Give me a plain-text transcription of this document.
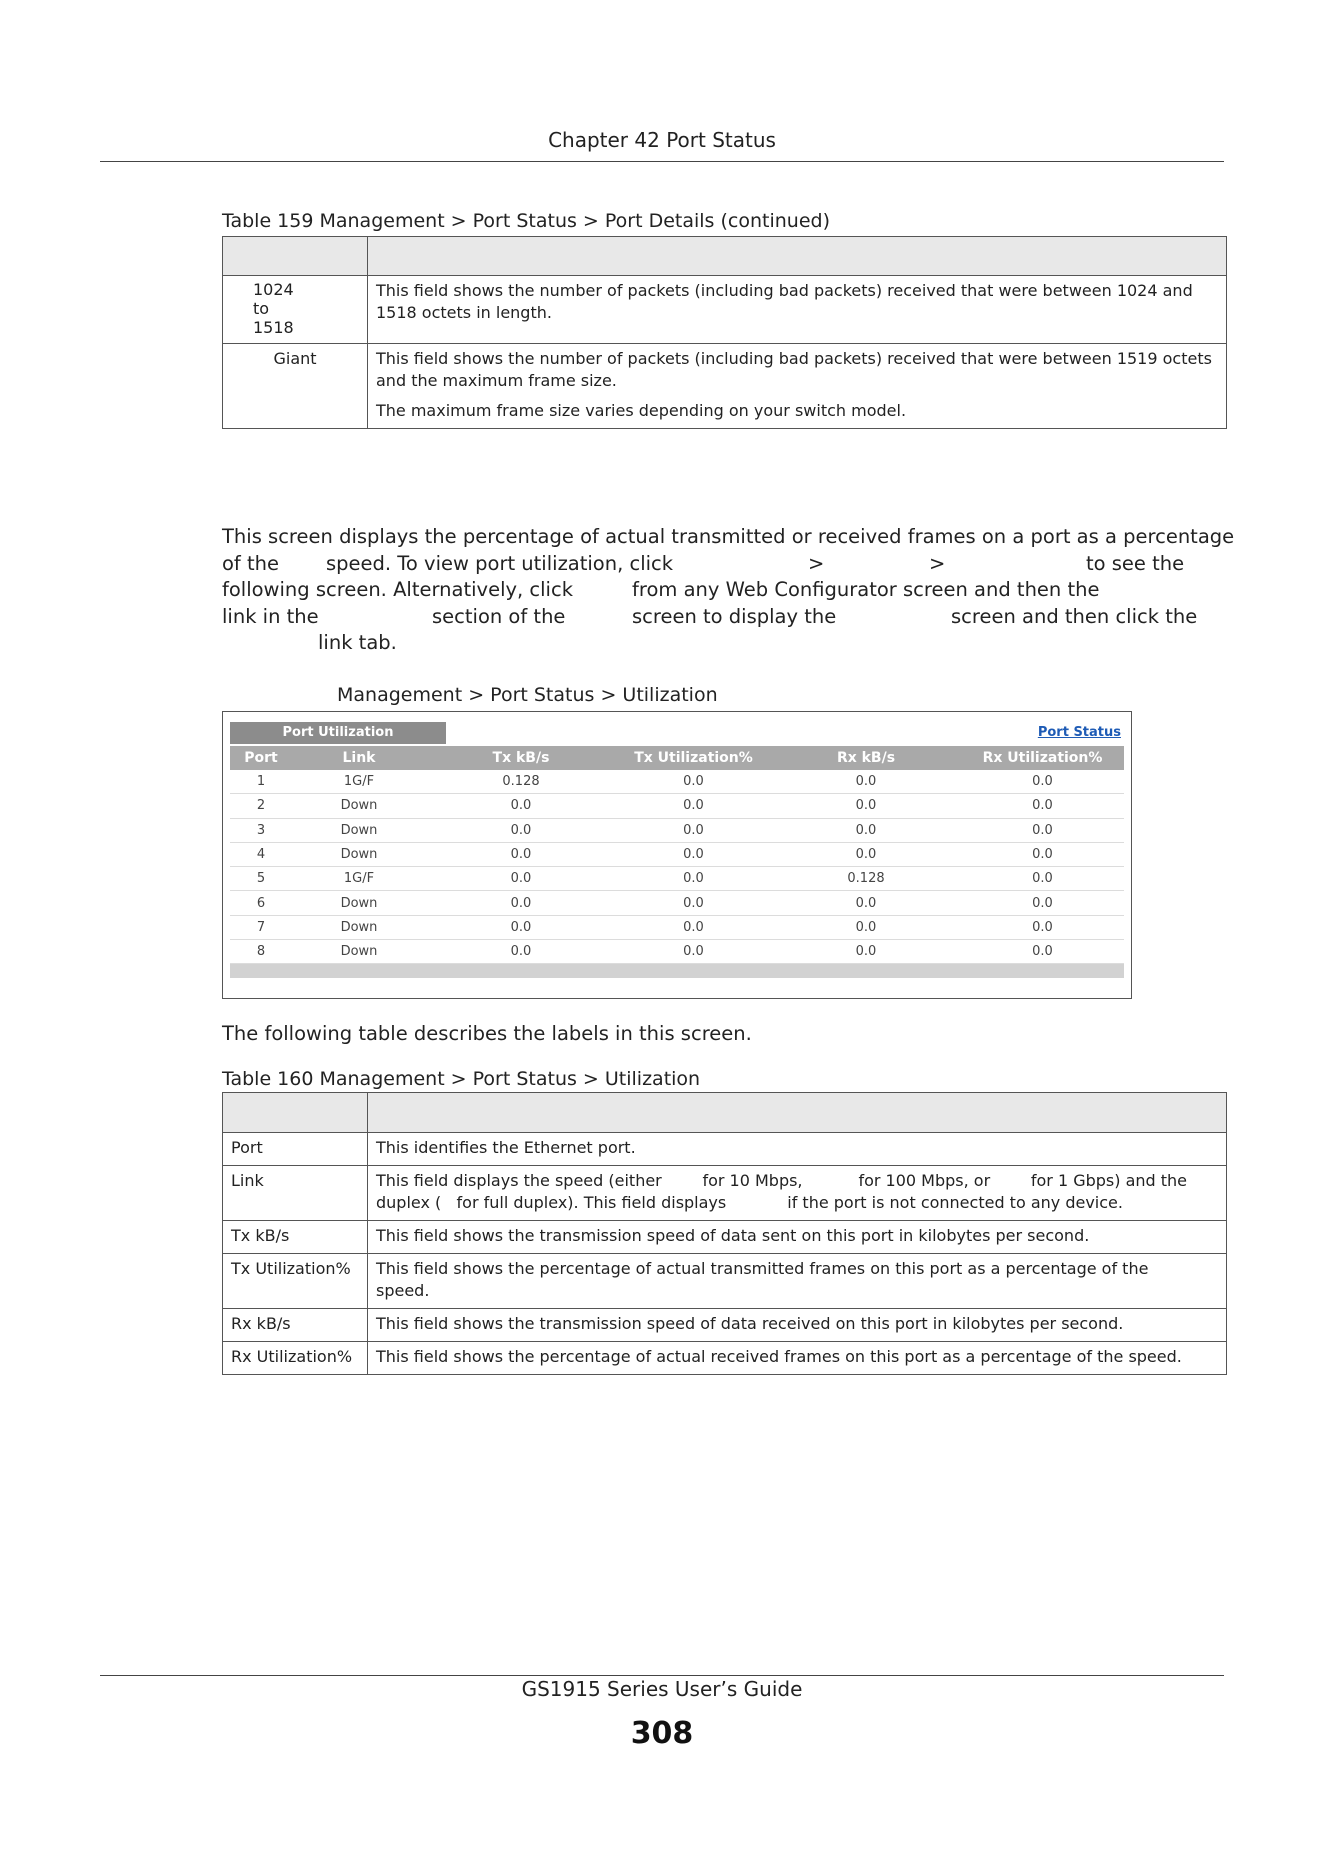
Chapter 42 Port Status
Table 159 Management > Port Status > Port Details (continued)

1024 to 1518	This field shows the number of packets (including bad packets) received that were between 1024 and 1518 octets in length.

Giant	This field shows the number of packets (including bad packets) received that were between 1519 octets and the maximum frame size.

The maximum frame size varies depending on your switch model.

This screen displays the percentage of actual transmitted or received frames on a port as a percentage
of the speed. To view port utilization, click	>	>	to see the
following screen. Alternatively, click	from any Web Configurator screen and then the
link in the	section of the	screen to display the	screen and then click the
link tab.
Management > Port Status > Utilization
Port Utilization	Port Status
Port	Link	Tx kB/s	Tx Utilization%	Rx kB/s	Rx Utilization%
1	1G/F	0.128	0.0	0.0	0.0
2	Down	0.0	0.0	0.0	0.0
3	Down	0.0	0.0	0.0	0.0
4	Down	0.0	0.0	0.0	0.0
5	1G/F	0.0	0.0	0.128	0.0
6	Down	0.0	0.0	0.0	0.0
7	Down	0.0	0.0	0.0	0.0
8	Down	0.0	0.0	0.0	0.0
The following table describes the labels in this screen.
Table 160 Management > Port Status > Utilization

Port	This identifies the Ethernet port.

Link	This field displays the speed (either        for 10 Mbps,           for 100 Mbps, or        for 1 Gbps) and the duplex (   for full duplex). This field displays            if the port is not connected to any device.

Tx kB/s	This field shows the transmission speed of data sent on this port in kilobytes per second.

Tx Utilization%	This field shows the percentage of actual transmitted frames on this port as a percentage of the        speed.

Rx kB/s	This field shows the transmission speed of data received on this port in kilobytes per second.

Rx Utilization%	This field shows the percentage of actual received frames on this port as a percentage of the speed.

GS1915 Series User’s Guide
308
